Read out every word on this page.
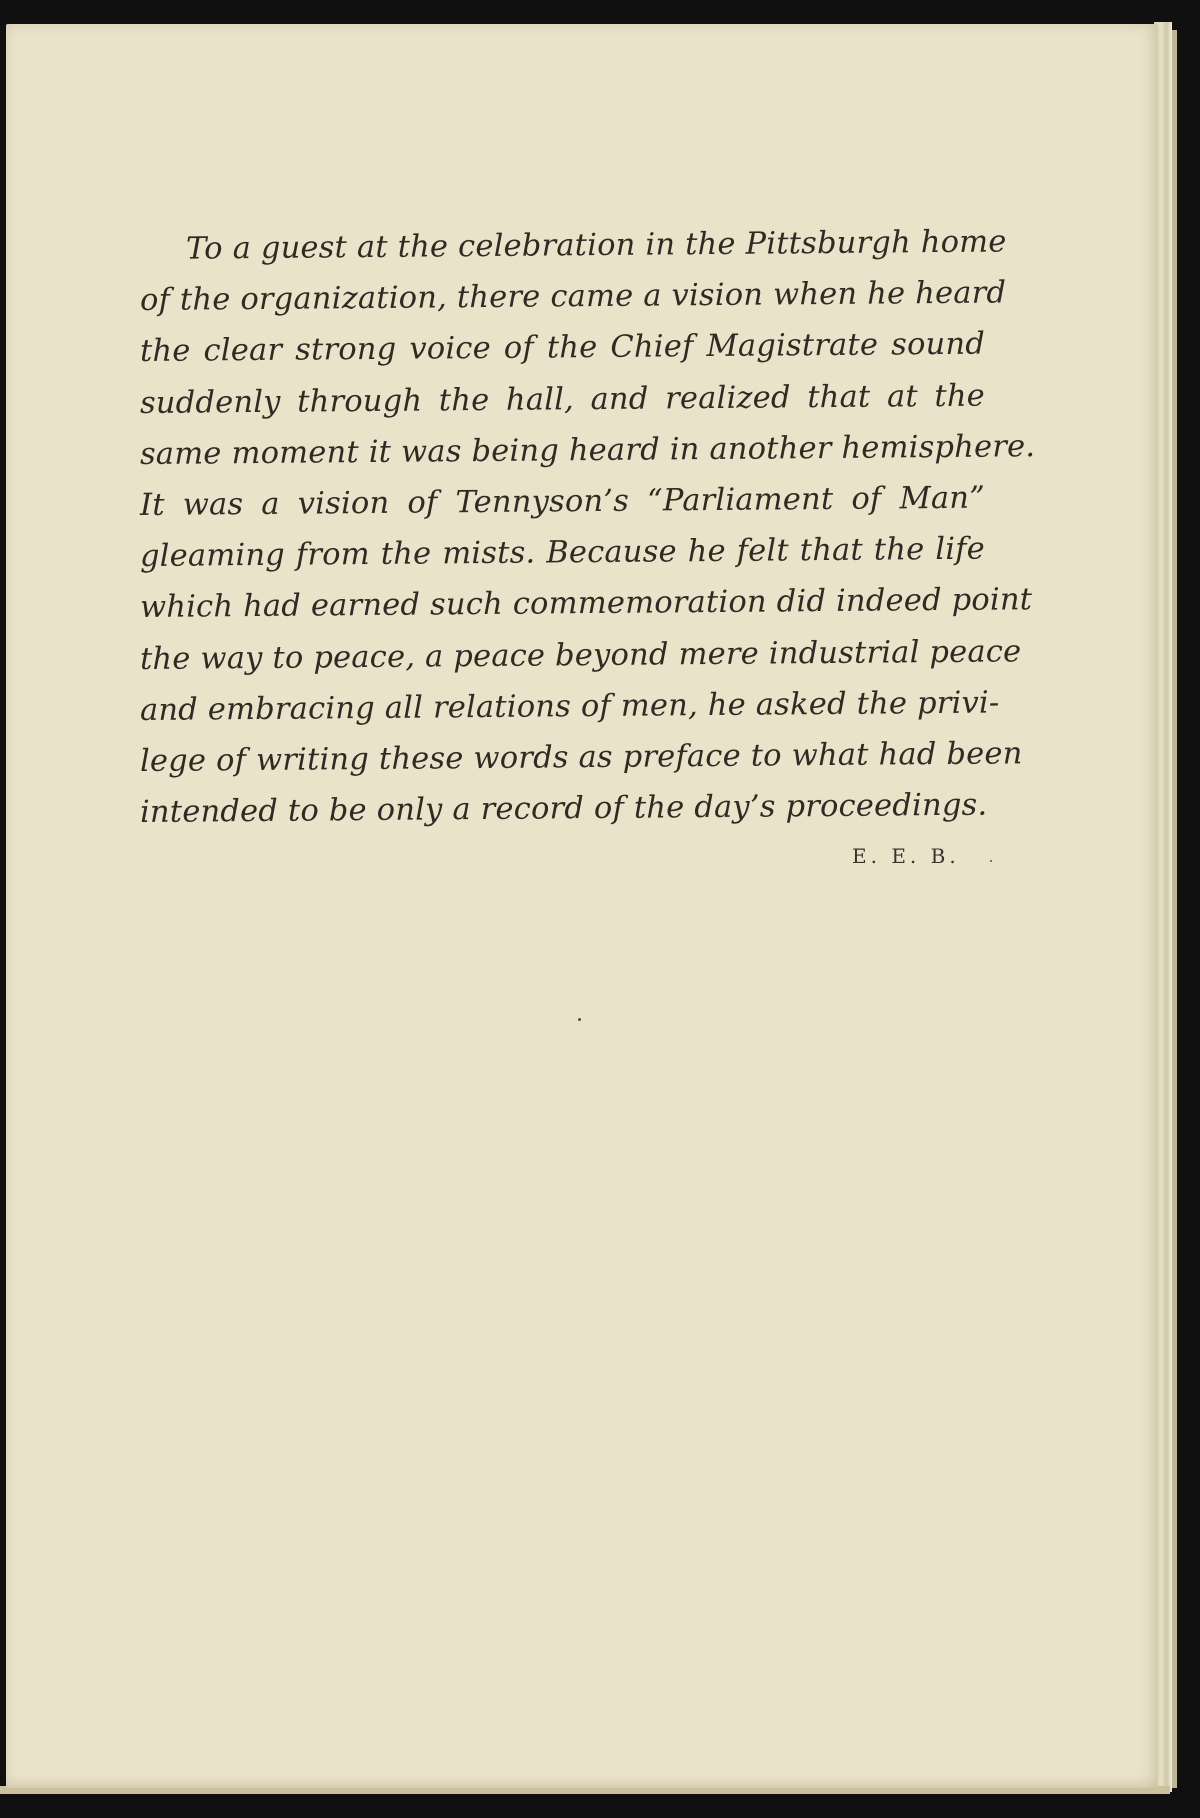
To a guest at the celebration in the Pittsburgh home
of the organization, there came a vision when he heard
the clear strong voice of the Chief Magistrate sound
suddenly through the hall, and realized that at the
same moment it was being heard in another hemisphere.
It was a vision of Tennyson’s “Parliament of Man”
gleaming from the mists. Because he felt that the life
which had earned such commemoration did indeed point
the way to peace, a peace beyond mere industrial peace
and embracing all relations of men, he asked the privi-
lege of writing these words as preface to what had been
intended to be only a record of the day’s proceedings.
E. E. B.
